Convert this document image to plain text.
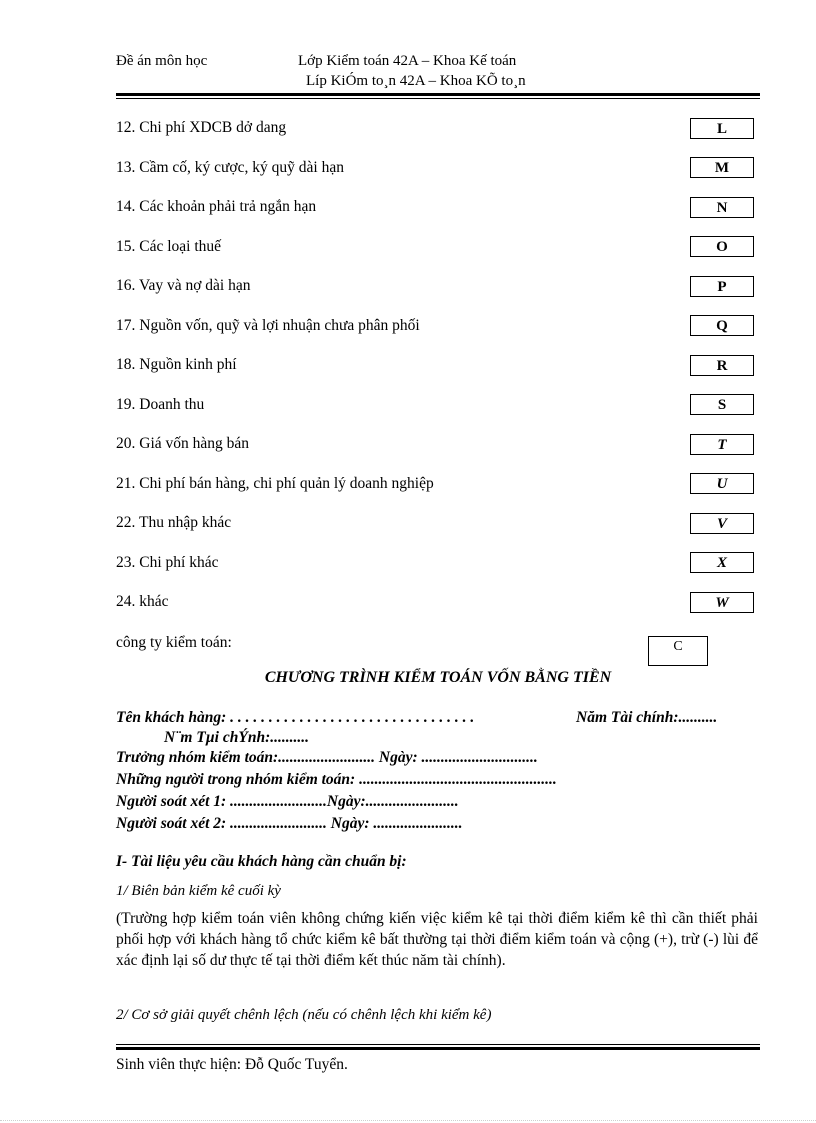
Đề án môn học	Lớp Kiểm toán 42A – Khoa Kế toán
Líp KiÓm to¸n 42A – Khoa KÕ to¸n
12. Chi phí XDCB dở dang	L
13. Cầm cố, ký cược, ký quỹ dài hạn	M
14. Các khoản phải trả ngắn hạn	N
15. Các loại thuế	O
16. Vay và nợ dài hạn	P
17. Nguồn vốn, quỹ và lợi nhuận chưa phân phối	Q
18. Nguồn kinh phí	R
19. Doanh thu	S
20. Giá vốn hàng bán	T
21. Chi phí bán hàng, chi phí quản lý doanh nghiệp	U
22. Thu nhập khác	V
23. Chi phí khác	X
24. khác	W
công ty kiểm toán:	C
CHƯƠNG TRÌNH KIỂM TOÁN VỐN BẰNG TIỀN
Tên khách hàng: . . . . . . . . . . . . . . . . . . . . . . . . . . . . . . . .	Năm Tài chính:..........
N¨m Tµi chÝnh:..........
Trưởng nhóm kiểm toán:......................... Ngày: ..............................
Những người trong nhóm kiểm toán: ...................................................
Người soát xét 1: .........................Ngày:........................
Người soát xét 2: ......................... Ngày: .......................
I- Tài liệu yêu cầu khách hàng cần chuẩn bị:
1/ Biên bản kiểm kê cuối kỳ
(Trường hợp kiểm toán viên không chứng kiến việc kiểm kê tại thời điểm kiểm kê thì cần thiết phải phối hợp với khách hàng tổ chức kiểm kê bất thường tại thời điểm kiểm toán và cộng (+), trừ (-) lùi để xác định lại số dư thực tế tại thời điểm kết thúc năm tài chính).
2/ Cơ sở giải quyết chênh lệch (nếu có chênh lệch khi kiểm kê)
Sinh viên thực hiện: Đỗ Quốc Tuyển.
